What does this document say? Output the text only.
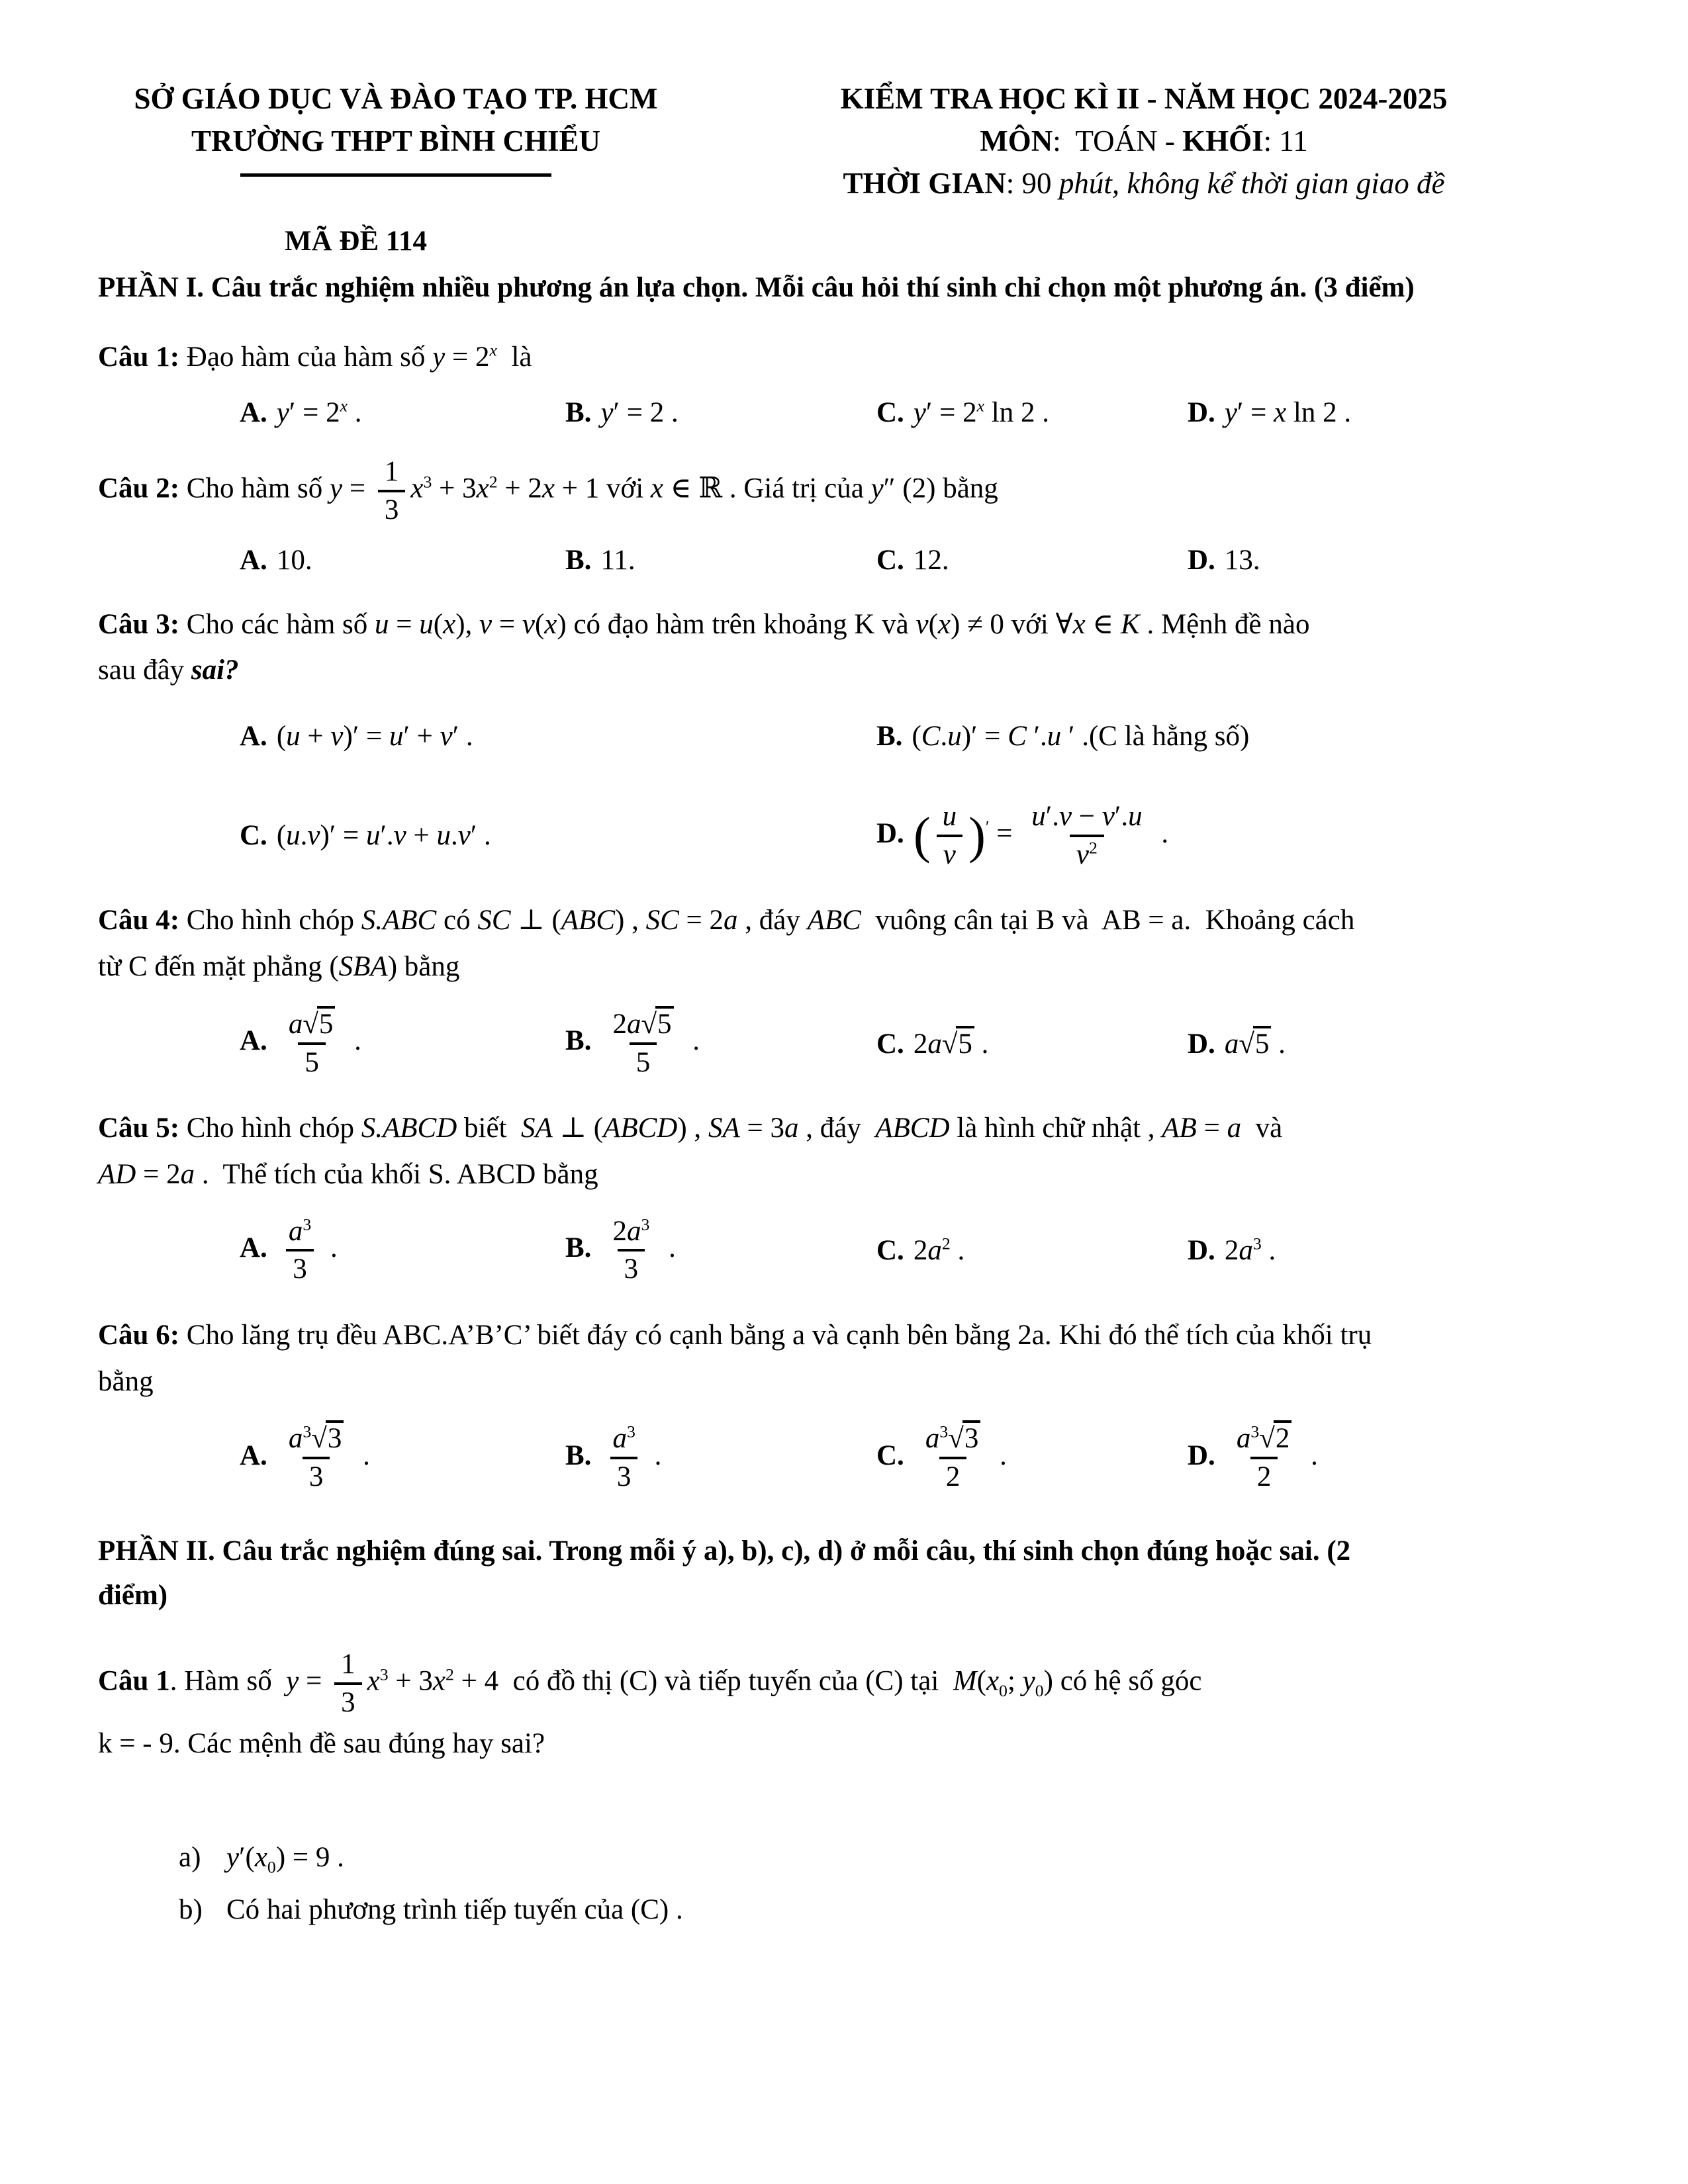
SỞ GIÁO DỤC VÀ ĐÀO TẠO TP. HCM
TRƯỜNG THPT BÌNH CHIỂU
KIỂM TRA HỌC KÌ II - NĂM HỌC 2024-2025
MÔN:  TOÁN - KHỐI: 11
THỜI GIAN: 90 phút, không kể thời gian giao đề
MÃ ĐỀ 114
PHẦN I. Câu trắc nghiệm nhiều phương án lựa chọn. Mỗi câu hỏi thí sinh chỉ chọn một phương án. (3 điểm)
Câu 1: Đạo hàm của hàm số $y = 2^x$  là
A. $y' = 2^x$ .	B. y′ = 2 .	C. $y' = 2^x$ ln 2 .	D. y′ = x ln 2 .
Câu 2: Cho hàm số $y = \frac{1}{3} x^3 + 3x^2 + 2x + 1$ với x ∈ ℝ . Giá trị của y″ (2) bằng
A. 10.	B. 11.	C. 12.	D. 13.
Câu 3: Cho các hàm số u = u(x), v = v(x) có đạo hàm trên khoảng K và v(x) ≠ 0 với ∀x ∈ K . Mệnh đề nào
sau đây sai?
A. (u + v)′ = u′ + v′ .	B. (C.u)′ = C ′.u ′ .(C là hằng số)
C. (u.v)′ = u′.v + u.v′ .	D. ( $\frac{u}{v} )' = \frac{u'.v - v'.u}{v^2}$ .
Câu 4: Cho hình chóp S.ABC có SC ⊥ (ABC) , SC = 2a , đáy ABC  vuông cân tại B và  AB = a.  Khoảng cách
từ C đến mặt phẳng (SBA) bằng
A. $\frac{a√5}{5}$ .	B. $\frac{2a√5}{5}$ .	C. 2a√5 .	D. a√5 .
Câu 5: Cho hình chóp S.ABCD biết  SA ⊥ (ABCD) , SA = 3a , đáy  ABCD là hình chữ nhật , AB = a  và
AD = 2a .  Thể tích của khối S. ABCD bằng
A. $\frac{a^3}{3}$ .	B. $\frac{2a^3}{3}$ .	C. $2a^2$ .	D. $2a^3$ .
Câu 6: Cho lăng trụ đều ABC.A’B’C’ biết đáy có cạnh bằng a và cạnh bên bằng 2a. Khi đó thể tích của khối trụ
bằng
A. $\frac{a^3√3}{3}$ .	B. $\frac{a^3}{3}$ .	C. $\frac{a^3√3}{2}$ .	D. $\frac{a^3√2}{2}$ .
PHẦN II. Câu trắc nghiệm đúng sai. Trong mỗi ý a), b), c), d) ở mỗi câu, thí sinh chọn đúng hoặc sai. (2
điểm)
Câu 1. Hàm số  $y = \frac{1}{3} x^3 + 3x^2 + 4$  có đồ thị (C) và tiếp tuyến của (C) tại  $M(x_0$; $y_0$) có hệ số góc
k = - 9. Các mệnh đề sau đúng hay sai?
a) $y'(x_0) = 9$ .
b) Có hai phương trình tiếp tuyến của (C) .
